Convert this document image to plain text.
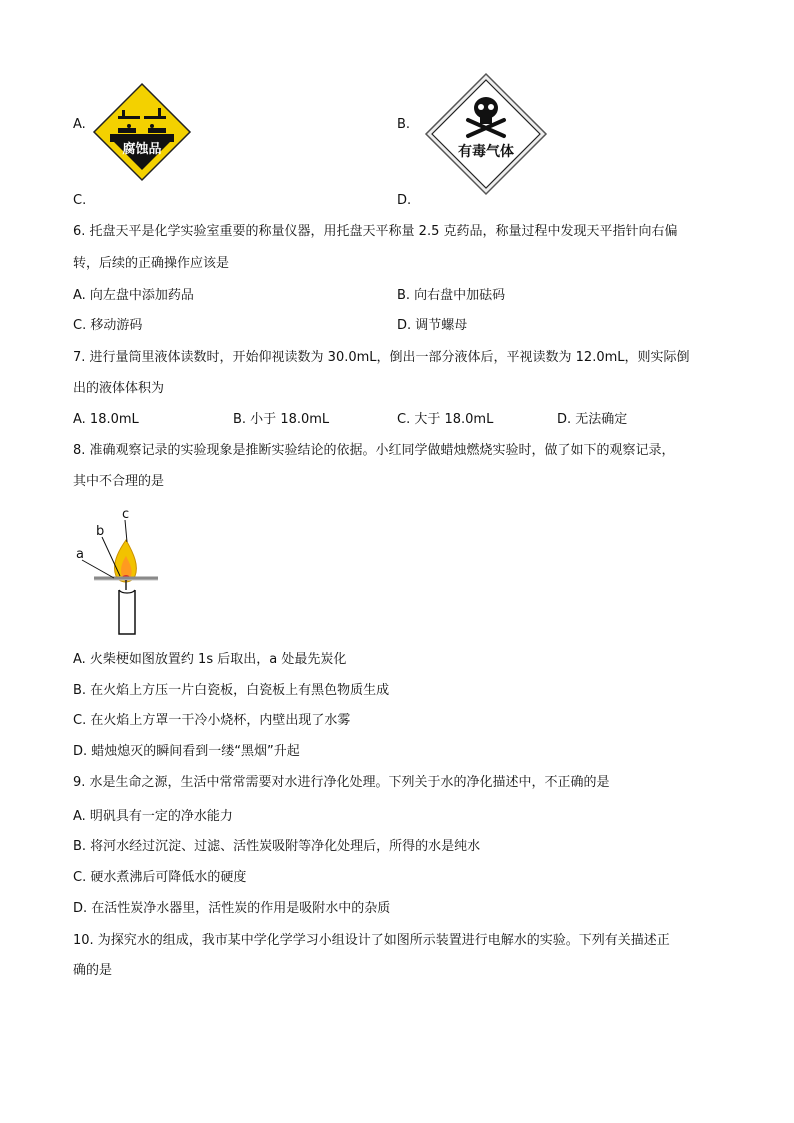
A.
腐蚀品
B.
有毒气体
C.	D.
6. 托盘天平是化学实验室重要的称量仪器，用托盘天平称量 2.5 克药品，称量过程中发现天平指针向右偏
转，后续的正确操作应该是
A. 向左盘中添加药品	B. 向右盘中加砝码
C. 移动游码	D. 调节螺母
7. 进行量筒里液体读数时，开始仰视读数为 30.0mL，倒出一部分液体后，平视读数为 12.0mL，则实际倒
出的液体体积为
A. 18.0mL	B. 小于 18.0mL	C. 大于 18.0mL	D. 无法确定
8. 准确观察记录的实验现象是推断实验结论的依据。小红同学做蜡烛燃烧实验时，做了如下的观察记录，
其中不合理的是
a
b
c
A. 火柴梗如图放置约 1s 后取出，a 处最先炭化
B. 在火焰上方压一片白瓷板，白瓷板上有黑色物质生成
C. 在火焰上方罩一干冷小烧杯，内壁出现了水雾
D. 蜡烛熄灭的瞬间看到一缕“黑烟”升起
9. 水是生命之源，生活中常常需要对水进行净化处理。下列关于水的净化描述中，不正确的是
A. 明矾具有一定的净水能力
B. 将河水经过沉淀、过滤、活性炭吸附等净化处理后，所得的水是纯水
C. 硬水煮沸后可降低水的硬度
D. 在活性炭净水器里，活性炭的作用是吸附水中的杂质
10. 为探究水的组成，我市某中学化学学习小组设计了如图所示装置进行电解水的实验。下列有关描述正
确的是
